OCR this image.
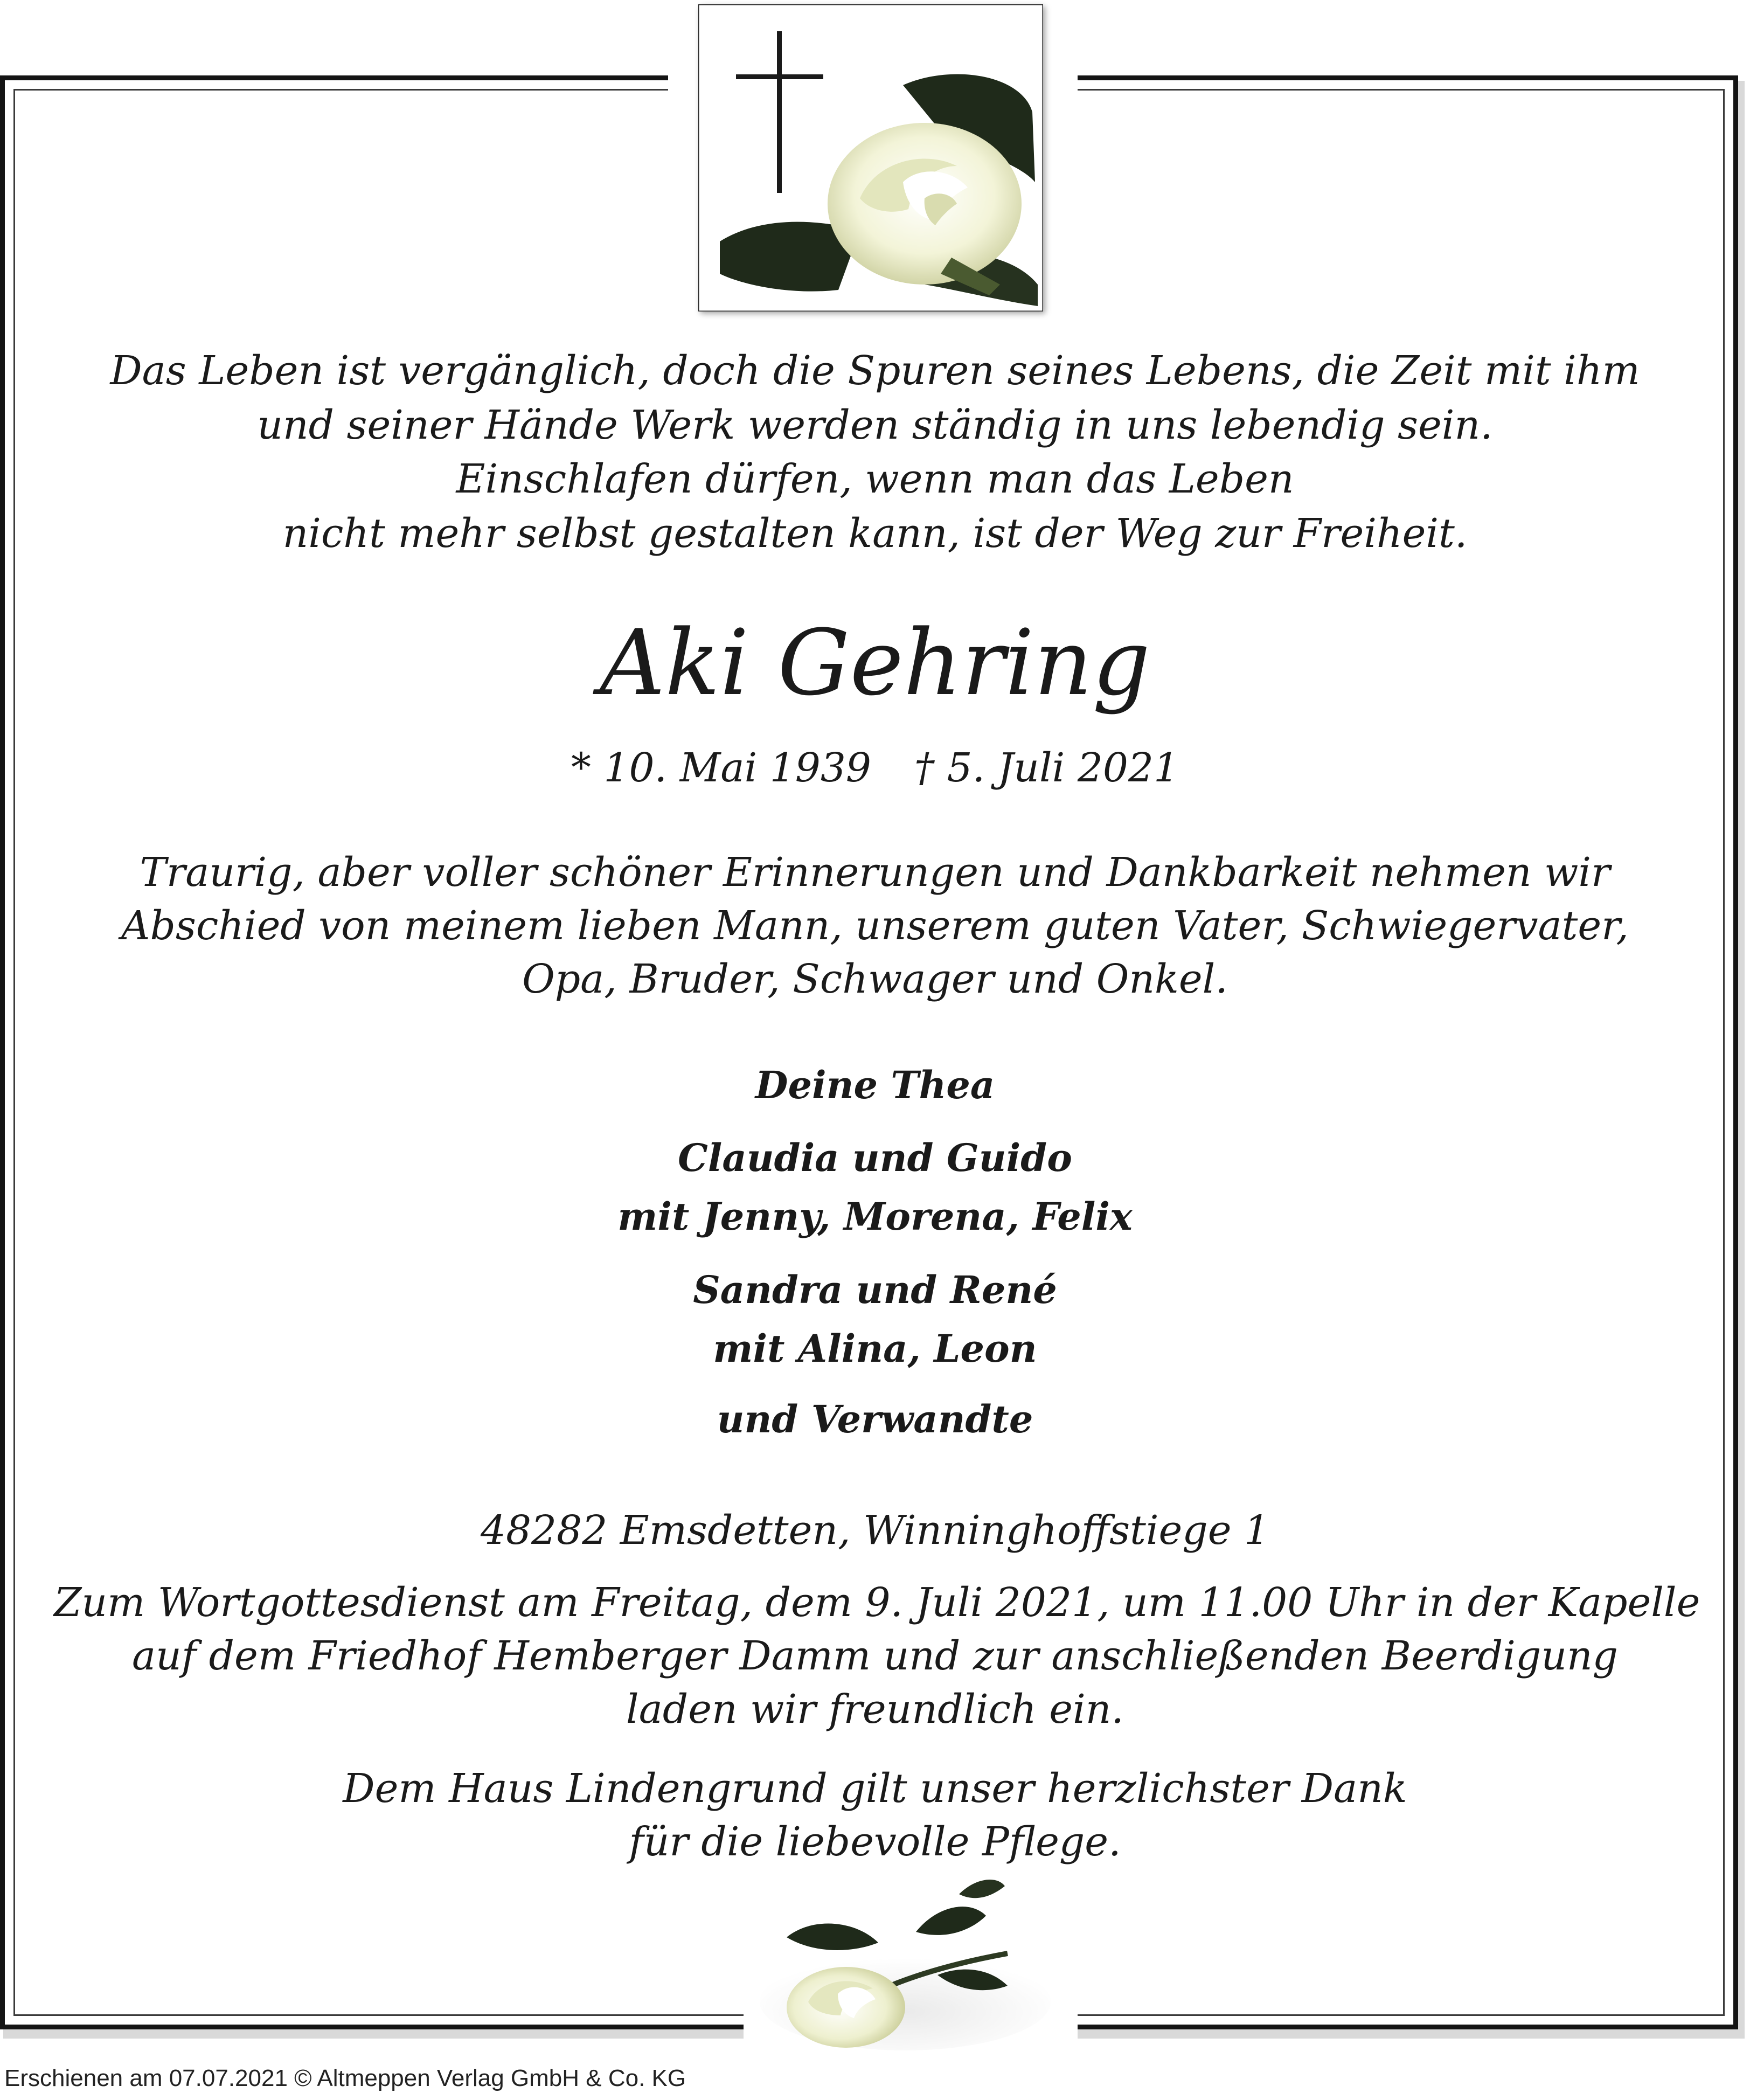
Das Leben ist vergänglich, doch die Spuren seines Lebens, die Zeit mit ihm
und seiner Hände Werk werden ständig in uns lebendig sein.
Einschlafen dürfen, wenn man das Leben
nicht mehr selbst gestalten kann, ist der Weg zur Freiheit.

Aki Gehring

* 10. Mai 1939 † 5. Juli 2021

Traurig, aber voller schöner Erinnerungen und Dankbarkeit nehmen wir
Abschied von meinem lieben Mann, unserem guten Vater, Schwiegervater,
Opa, Bruder, Schwager und Onkel.

Deine Thea
Claudia und Guido
mit Jenny, Morena, Felix
Sandra und René
mit Alina, Leon
und Verwandte

48282 Emsdetten, Winninghoffstiege 1

Zum Wortgottesdienst am Freitag, dem 9. Juli 2021, um 11.00 Uhr in der Kapelle
auf dem Friedhof Hemberger Damm und zur anschließenden Beerdigung
laden wir freundlich ein.

Dem Haus Lindengrund gilt unser herzlichster Dank
für die liebevolle Pflege.

Erschienen am 07.07.2021 © Altmeppen Verlag GmbH & Co. KG
